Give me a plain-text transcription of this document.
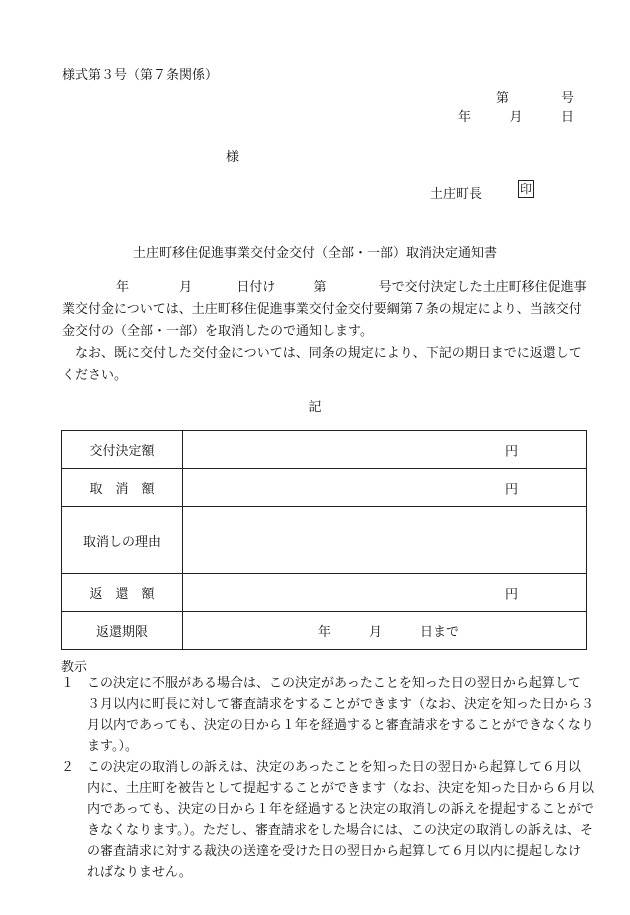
様式第３号（第７条関係）
第	号
年	月	日
様
土庄町長	印
土庄町移住促進事業交付金交付（全部・一部）取消決定通知書
年	月	日付け	第	号で交付決定した土庄町移住促進事
業交付金については、土庄町移住促進事業交付金交付要綱第７条の規定により、当該交付
金交付の（全部・一部）を取消したので通知します。
　なお、既に交付した交付金については、同条の規定により、下記の期日までに返還して
ください。
記
交付決定額	円

取　消　額	円

取消しの理由	
返　還　額	円

返還期限	年 月 日まで
教示
１ この決定に不服がある場合は、この決定があったことを知った日の翌日から起算して
３月以内に町長に対して審査請求をすることができます（なお、決定を知った日から３
月以内であっても、決定の日から１年を経過すると審査請求をすることができなくなり
ます。）。
２ この決定の取消しの訴えは、決定のあったことを知った日の翌日から起算して６月以
内に、土庄町を被告として提起することができます（なお、決定を知った日から６月以
内であっても、決定の日から１年を経過すると決定の取消しの訴えを提起することがで
きなくなります。）。ただし、審査請求をした場合には、この決定の取消しの訴えは、そ
の審査請求に対する裁決の送達を受けた日の翌日から起算して６月以内に提起しなけ
ればなりません。
